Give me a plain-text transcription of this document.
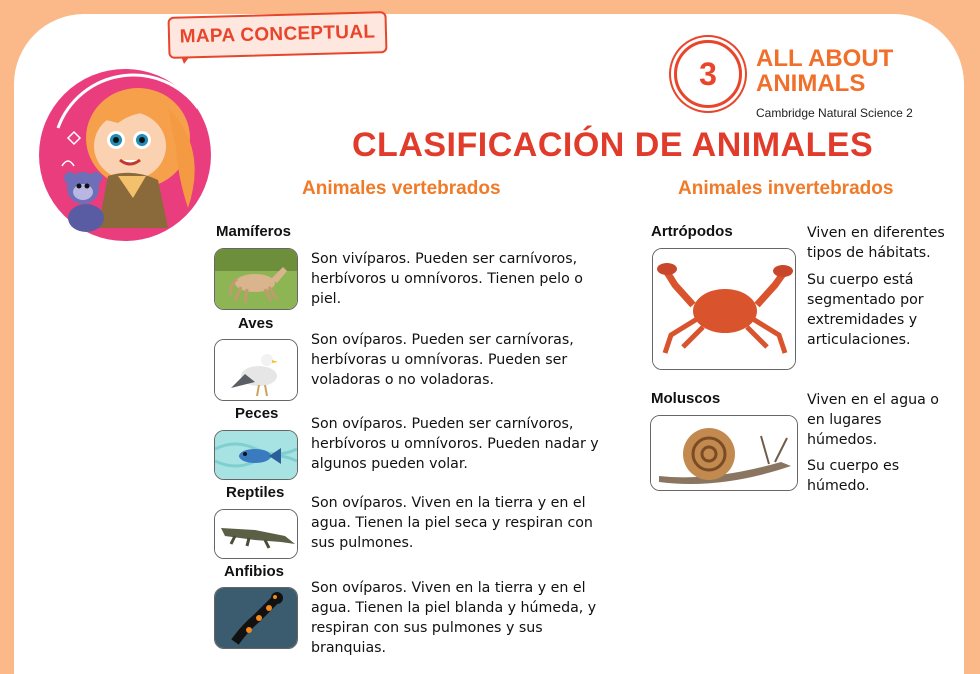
MAPA CONCEPTUAL
3 ALL ABOUT
ANIMALS
Cambridge Natural Science 2
CLASIFICACIÓN DE ANIMALES
Animales vertebrados	Animales invertebrados
Mamíferos
Son vivíparos. Pueden ser carnívoros, herbívoros u omnívoros. Tienen pelo o piel.
Aves
Son ovíparos. Pueden ser carnívoras, herbívoras u omnívoras. Pueden ser voladoras o no voladoras.
Peces
Son ovíparos. Pueden ser carnívoros, herbívoros u omnívoros. Pueden nadar y algunos pueden volar.
Reptiles
Son ovíparos. Viven en la tierra y en el agua. Tienen la piel seca y respiran con sus pulmones.
Anfibios
Son ovíparos. Viven en la tierra y en el agua. Tienen la piel blanda y húmeda, y respiran con sus pulmones y sus branquias.
Artrópodos	Viven en diferentes tipos de hábitats.
Su cuerpo está segmentado por extremidades y articulaciones.
Moluscos	Viven en el agua o en lugares húmedos.
Su cuerpo es húmedo.
